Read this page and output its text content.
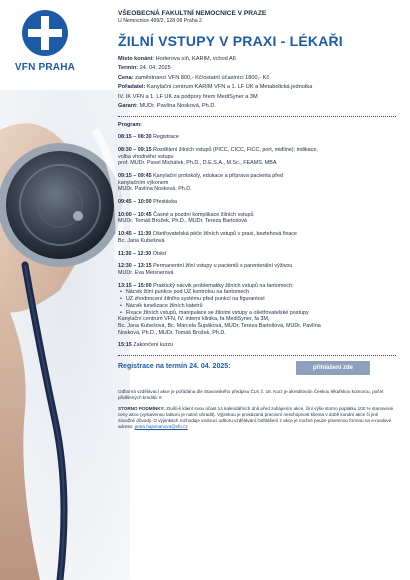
VFN PRAHA
VŠEOBECNÁ FAKULTNÍ NEMOCNICE V PRAZE
U Nemocnice 499/2, 128 08 Praha 2
ŽILNÍ VSTUPY V PRAXI - LÉKAŘI
Místo konání: Hoderova síň, KARIM, vchod A6
Termín: 24. 04. 2025
Cena: zaměstnanci VFN 800,- Kč/ostatní účastníci 1800,- Kč
Pořadatel: Kanylační centrum KARIM VFN a 1. LF UK a Metabolická jednotka
IV. IK VFN a 1. LF UK za podpory firem MediSyner a 3M
Garant: MUDr. Pavlína Nosková, Ph.D.
Program:
08:15 – 08:30 Registrace
08:30 – 09:15 Rozdělení žilních vstupů (PICC, CICC, FICC, port, midline); indikace,
volba vhodného vstupu
prof. MUDr. Pavel Michálek, Ph.D., D.E.S.A., M.Sc., FEAMS, MBA
09:15 – 09:45 Kanylační protokoly, edukace a příprava pacienta před
kanylačním výkonem
MUDr. Pavlína Nosková, Ph.D.
09:45 – 10:00 Přestávka
10:00 – 10:45 Časné a pozdní komplikace žilních vstupů
MUDr. Tomáš Brožek, Ph.D., MUDr. Tereza Bartošová
10:45 – 11:30 Ošetřovatelská péče žilních vstupů v praxi, beztehová fixace
Bc. Jana Kubešová
11:30 – 12:30 Oběd
12:30 – 13:15 Permanentní žilní vstupy u pacientů s parenterální výživou
MUDr. Eva Meisnerová
13:15 – 15:00 Praktický nácvik problematiky žilních vstupů na fantomech:
• Nácvik žilní punkce pod UZ kontrolou na fantomech
• UZ zhodnocení žilního systému před punkcí na figurantovi
• Nácvik tunelizace žilních katetrů
• Fixace žilních vstupů, manipulace se žilními vstupy a ošetřovatelské postupy
Kanylační centrum VFN, IV. interní klinika, fa MediSyner, fa 3M,
Bc. Jana Kubešová, Bc. Marcela Šupáková, MUDr. Tereza Bartošová, MUDr. Pavlína
Nosková, Ph.D., MUDr. Tomáš Brožek, Ph.D.
15:15 Zakončení kurzu
Registrace na termín 24. 04. 2025:	přihlášení zde

Odborná vzdělávací akce je pořádána dle Stavovského předpisu ČLK č. 16. Kurz je akreditován Českou lékařskou komorou, počet přidělených kreditů: 6

STORNO PODMÍNKY: Zrušíi-li klient svou účast 14 kalendářních dnů před zahájením akce, činí výše storno poplatku 100 % stanovené ceny akce (vystavenou fakturu je nutné uhradit). Výjimkou je prokázaná pracovní neschopnost klienta v době konání akce či jiné závažné důvody. O výjimkách rozhoduje vedoucí odboru vzdělávání.Odhlášení z akce je možné pouze písemnou formou na e-mailové adrese: petra.hajsmanova@vfn.cz
